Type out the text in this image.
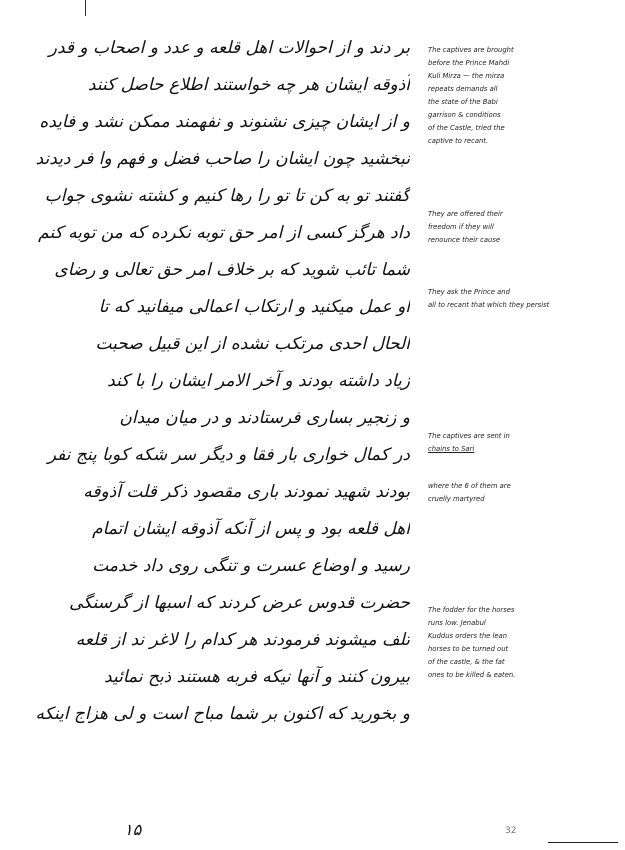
بر دند و از احوالات اهل قلعه و عدد و اصحاب و قدر
آذوقه ایشان هر چه خواستند اطلاع حاصل کنند
و از ایشان چیزی نشنوند و نفهمند ممکن نشد و فایده
نبخشید چون ایشان را صاحب فضل و فهم وا فر دیدند
گفتند تو به کن تا تو را رها کنیم و کشته نشوی جواب
داد هرگز کسی از امر حق توبه نکرده که من توبه کنم
شما تائب شوید که بر خلاف امر حق تعالی و رضای
او عمل میکنید و ارتکاب اعمالی میفانید که تا
الحال احدی مرتکب نشده از این قبیل صحبت
زیاد داشته بودند و آخر الامر ایشان را با کند
و زنجیر بساری فرستادند و در میان میدان
در کمال خواری بار فقا و دیگر سر شکه کوبا پنج نفر
بودند شهید نمودند باری مقصود ذکر قلت آذوقه
اهل قلعه بود و پس از آنکه آذوقه ایشان اتمام
رسید و اوضاع عسرت و تنگی روی داد خدمت
حضرت قدوس عرض کردند که اسبها از گرسنگی
تلف میشوند فرمودند هر کدام را لاغر ند از قلعه
بیرون کنند و آنها نیکه فربه هستند ذبح نمائید
و بخورید که اکنون بر شما مباح است و لی هزاج اینکه
The captives are brought
before the Prince Mahdi
Kuli Mirza — the mirza
repeats demands all
the state of the Babi
garrison & conditions
of the Castle, tried the
captive to recant.
They are offered their
freedom if they will
renounce their cause
They ask the Prince and
all to recant that which they persist
The captives are sent in
chains to Sari
where the 6 of them are
cruelly martyred
The fodder for the horses
runs low. Jenabul
Kuddus orders the lean
horses to be turned out
of the castle, & the fat
ones to be killed & eaten.
۱۵	32
